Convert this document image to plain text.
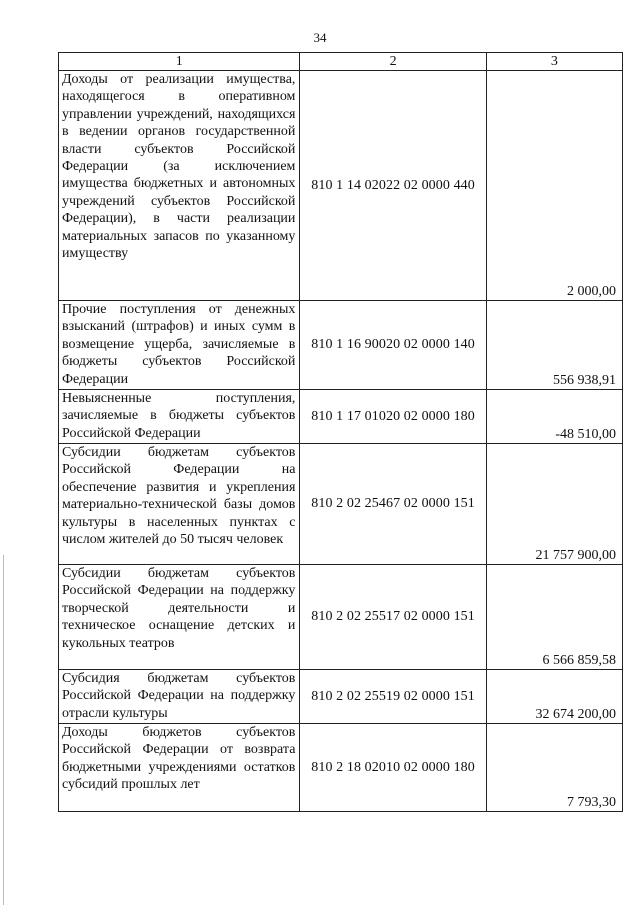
34
1	2	3
Доходы от реализации имущества, находящегося в оперативном управлении учреждений, находящихся в ведении органов государственной власти субъектов Российской Федерации (за исключением имущества бюджетных и автономных учреждений субъектов Российской Федерации), в части реализации материальных запасов по указанному имуществу	810 1 14 02022 02 0000 440	2 000,00
Прочие поступления от денежных взысканий (штрафов) и иных сумм в возмещение ущерба, зачисляемые в бюджеты субъектов Российской Федерации	810 1 16 90020 02 0000 140	556 938,91
Невыясненные поступления, зачисляемые в бюджеты субъектов Российской Федерации	810 1 17 01020 02 0000 180	-48 510,00
Субсидии бюджетам субъектов Российской Федерации на обеспечение развития и укрепления материально-технической базы домов культуры в населенных пунктах с числом жителей до 50 тысяч человек	810 2 02 25467 02 0000 151	21 757 900,00
Субсидии бюджетам субъектов Российской Федерации на поддержку творческой деятельности и техническое оснащение детских и кукольных театров	810 2 02 25517 02 0000 151	6 566 859,58
Субсидия бюджетам субъектов Российской Федерации на поддержку отрасли культуры	810 2 02 25519 02 0000 151	32 674 200,00
Доходы бюджетов субъектов Российской Федерации от возврата бюджетными учреждениями остатков субсидий прошлых лет	810 2 18 02010 02 0000 180	7 793,30
